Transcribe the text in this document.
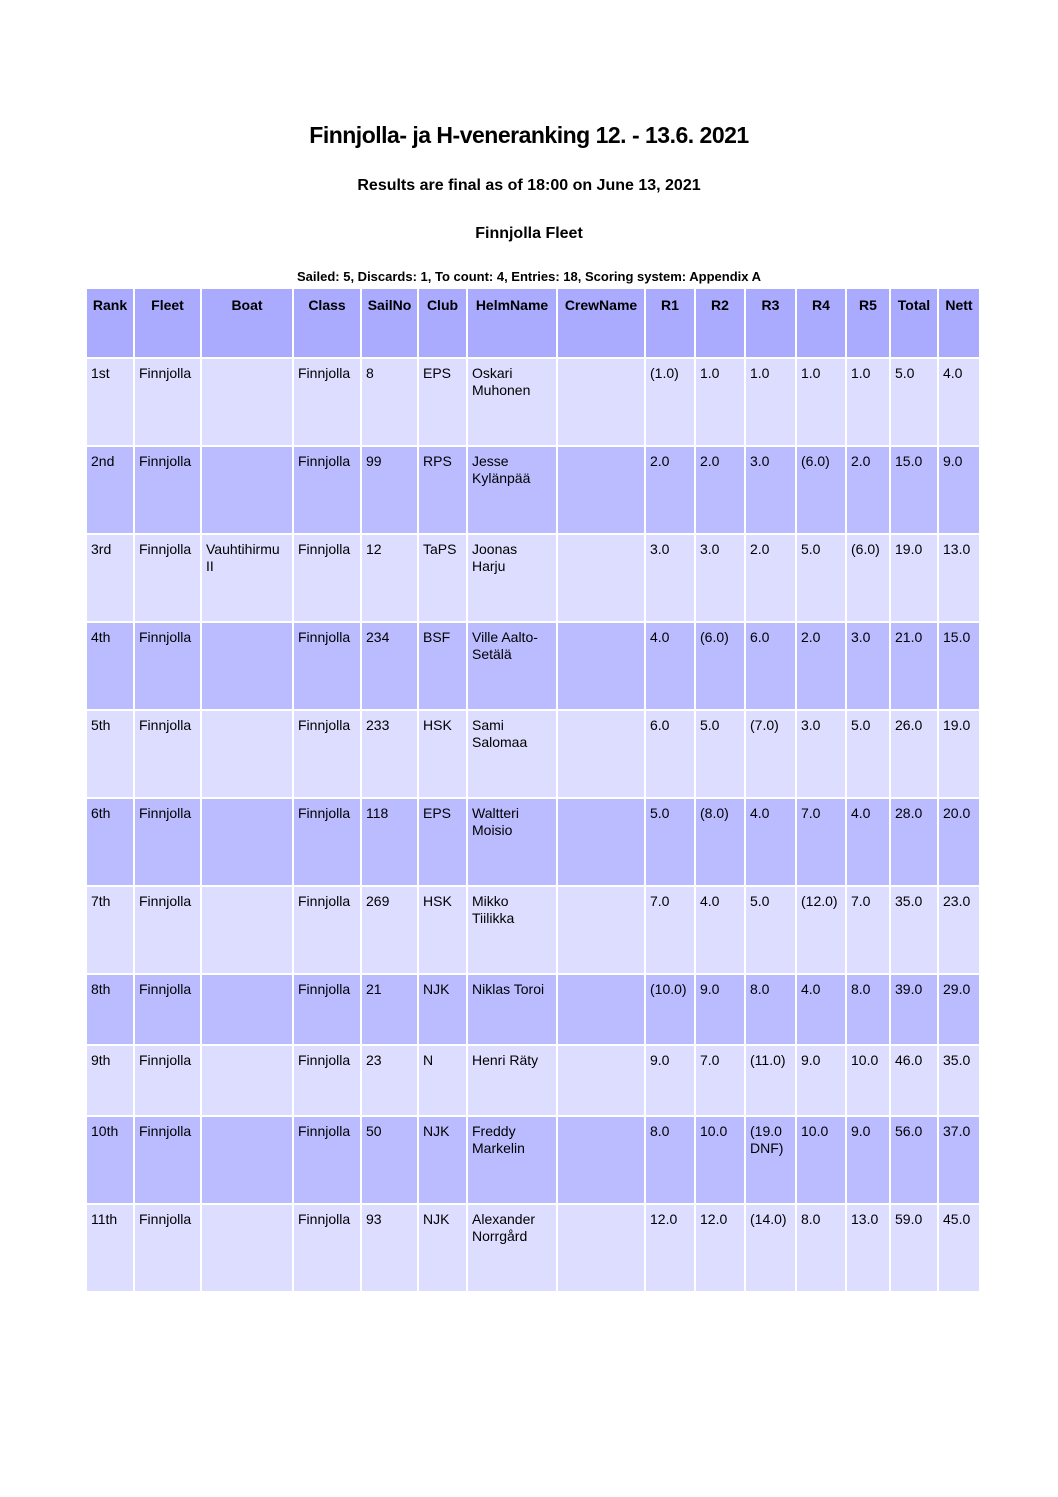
Finnjolla- ja H-veneranking 12. - 13.6. 2021
Results are final as of 18:00 on June 13, 2021
Finnjolla Fleet
Sailed: 5, Discards: 1, To count: 4, Entries: 18, Scoring system: Appendix A
Rank	Fleet	Boat	Class	SailNo	Club	HelmName	CrewName	R1	R2	R3	R4	R5	Total	Nett
1st	Finnjolla		Finnjolla	8	EPS	Oskari Muhonen		(1.0)	1.0	1.0	1.0	1.0	5.0	4.0
2nd	Finnjolla		Finnjolla	99	RPS	Jesse Kylänpää		2.0	2.0	3.0	(6.0)	2.0	15.0	9.0
3rd	Finnjolla	Vauhtihirmu II	Finnjolla	12	TaPS	Joonas Harju		3.0	3.0	2.0	5.0	(6.0)	19.0	13.0
4th	Finnjolla		Finnjolla	234	BSF	Ville Aalto-Setälä		4.0	(6.0)	6.0	2.0	3.0	21.0	15.0
5th	Finnjolla		Finnjolla	233	HSK	Sami Salomaa		6.0	5.0	(7.0)	3.0	5.0	26.0	19.0
6th	Finnjolla		Finnjolla	118	EPS	Waltteri Moisio		5.0	(8.0)	4.0	7.0	4.0	28.0	20.0
7th	Finnjolla		Finnjolla	269	HSK	Mikko Tiilikka		7.0	4.0	5.0	(12.0)	7.0	35.0	23.0
8th	Finnjolla		Finnjolla	21	NJK	Niklas Toroi		(10.0)	9.0	8.0	4.0	8.0	39.0	29.0
9th	Finnjolla		Finnjolla	23	N	Henri Räty		9.0	7.0	(11.0)	9.0	10.0	46.0	35.0
10th	Finnjolla		Finnjolla	50	NJK	Freddy Markelin		8.0	10.0	(19.0 DNF)	10.0	9.0	56.0	37.0
11th	Finnjolla		Finnjolla	93	NJK	Alexander Norrgård		12.0	12.0	(14.0)	8.0	13.0	59.0	45.0
